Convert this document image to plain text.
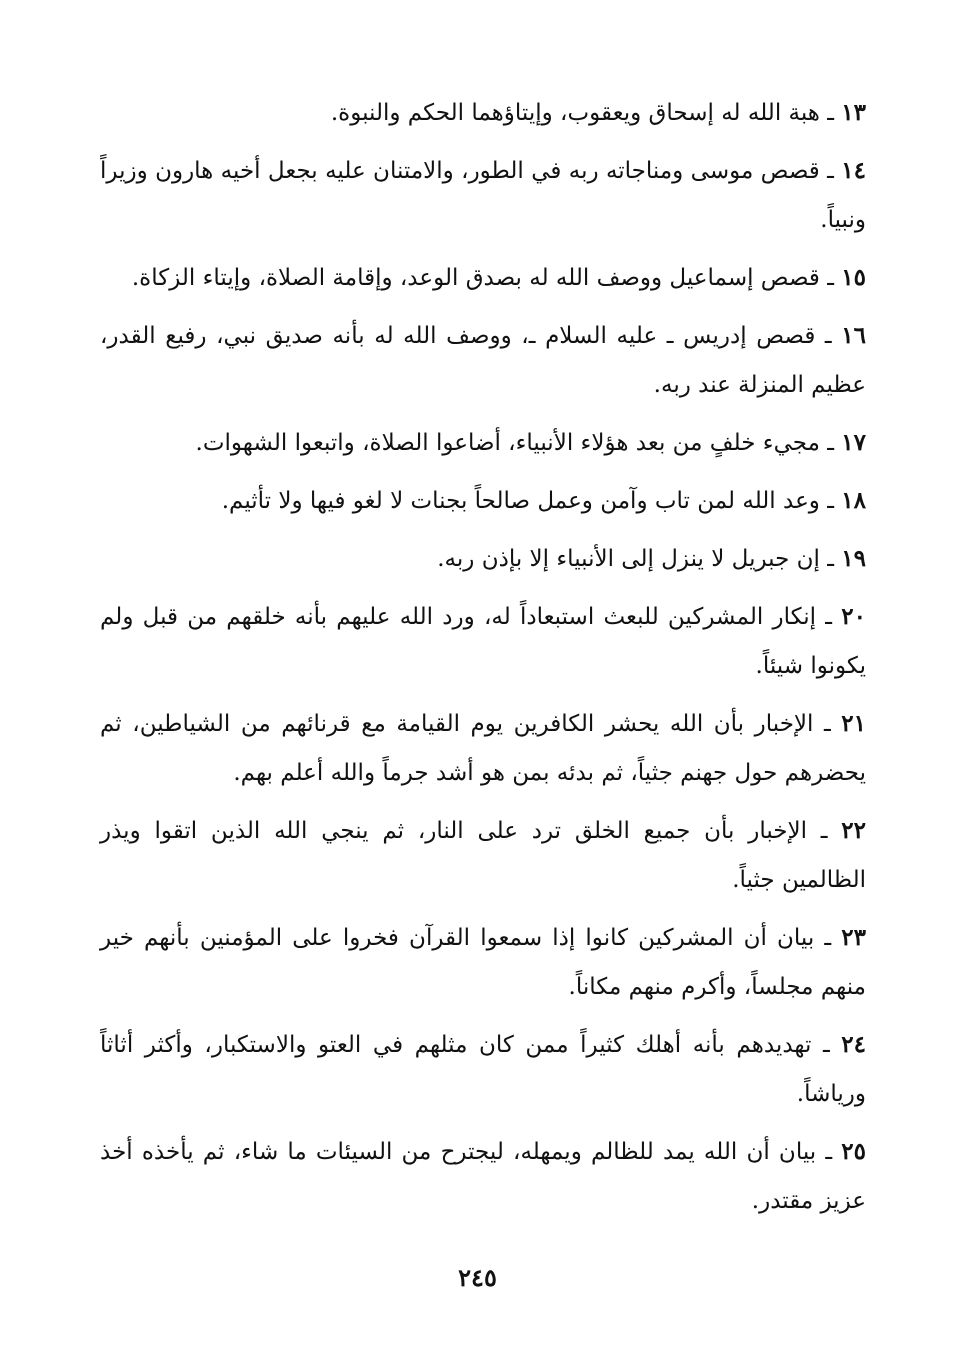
١٣ ـ هبة الله له إسحاق ويعقوب، وإيتاؤهما الحكم والنبوة.

١٤ ـ قصص موسى ومناجاته ربه في الطور، والامتنان عليه بجعل أخيه هارون وزيراً ونبياً.

١٥ ـ قصص إسماعيل ووصف الله له بصدق الوعد، وإقامة الصلاة، وإيتاء الزكاة.

١٦ ـ قصص إدريس ـ عليه السلام ـ، ووصف الله له بأنه صديق نبي، رفيع القدر، عظيم المنزلة عند ربه.

١٧ ـ مجيء خلفٍ من بعد هؤلاء الأنبياء، أضاعوا الصلاة، واتبعوا الشهوات.

١٨ ـ وعد الله لمن تاب وآمن وعمل صالحاً بجنات لا لغو فيها ولا تأثيم.

١٩ ـ إن جبريل لا ينزل إلى الأنبياء إلا بإذن ربه.

٢٠ ـ إنكار المشركين للبعث استبعاداً له، ورد الله عليهم بأنه خلقهم من قبل ولم يكونوا شيئاً.

٢١ ـ الإخبار بأن الله يحشر الكافرين يوم القيامة مع قرنائهم من الشياطين، ثم يحضرهم حول جهنم جثياً، ثم بدئه بمن هو أشد جرماً والله أعلم بهم.

٢٢ ـ الإخبار بأن جميع الخلق ترد على النار، ثم ينجي الله الذين اتقوا ويذر الظالمين جثياً.

٢٣ ـ بيان أن المشركين كانوا إذا سمعوا القرآن فخروا على المؤمنين بأنهم خير منهم مجلساً، وأكرم منهم مكاناً.

٢٤ ـ تهديدهم بأنه أهلك كثيراً ممن كان مثلهم في العتو والاستكبار، وأكثر أثاثاً ورياشاً.

٢٥ ـ بيان أن الله يمد للظالم ويمهله، ليجترح من السيئات ما شاء، ثم يأخذه أخذ عزيز مقتدر.

٢٤٥
